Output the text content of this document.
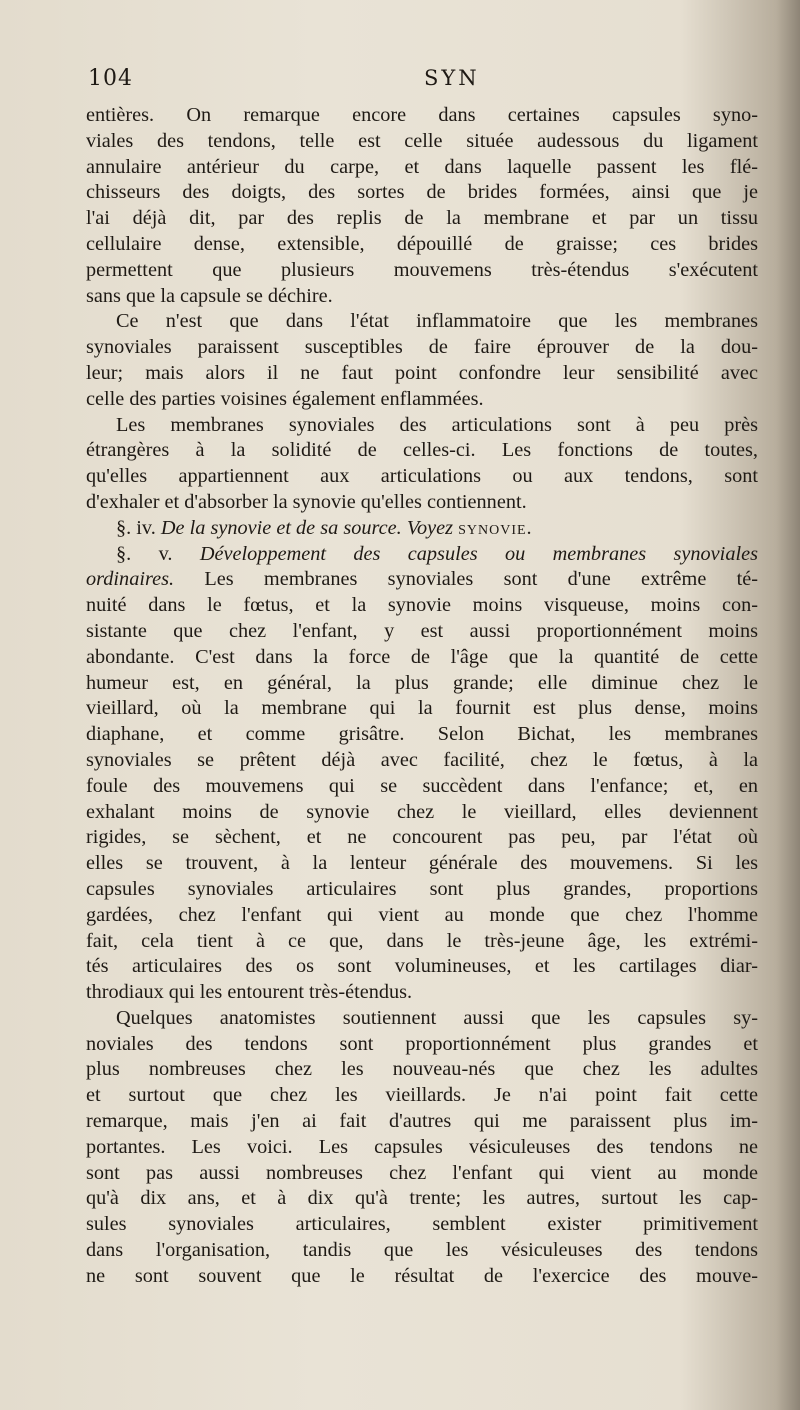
104	SYN

entières. On remarque encore dans certaines capsules syno-
viales des tendons, telle est celle située audessous du ligament
annulaire antérieur du carpe, et dans laquelle passent les flé-
chisseurs des doigts, des sortes de brides formées, ainsi que je
l'ai déjà dit, par des replis de la membrane et par un tissu
cellulaire dense, extensible, dépouillé de graisse; ces brides
permettent que plusieurs mouvemens très-étendus s'exécutent
sans que la capsule se déchire.

Ce n'est que dans l'état inflammatoire que les membranes
synoviales paraissent susceptibles de faire éprouver de la dou-
leur; mais alors il ne faut point confondre leur sensibilité avec
celle des parties voisines également enflammées.

Les membranes synoviales des articulations sont à peu près
étrangères à la solidité de celles-ci. Les fonctions de toutes,
qu'elles appartiennent aux articulations ou aux tendons, sont
d'exhaler et d'absorber la synovie qu'elles contiennent.

§. iv. De la synovie et de sa source. Voyez synovie.

§. v. Développement des capsules ou membranes synoviales
ordinaires. Les membranes synoviales sont d'une extrême té-
nuité dans le fœtus, et la synovie moins visqueuse, moins con-
sistante que chez l'enfant, y est aussi proportionnément moins
abondante. C'est dans la force de l'âge que la quantité de cette
humeur est, en général, la plus grande; elle diminue chez le
vieillard, où la membrane qui la fournit est plus dense, moins
diaphane, et comme grisâtre. Selon Bichat, les membranes
synoviales se prêtent déjà avec facilité, chez le fœtus, à la
foule des mouvemens qui se succèdent dans l'enfance; et, en
exhalant moins de synovie chez le vieillard, elles deviennent
rigides, se sèchent, et ne concourent pas peu, par l'état où
elles se trouvent, à la lenteur générale des mouvemens. Si les
capsules synoviales articulaires sont plus grandes, proportions
gardées, chez l'enfant qui vient au monde que chez l'homme
fait, cela tient à ce que, dans le très-jeune âge, les extrémi-
tés articulaires des os sont volumineuses, et les cartilages diar-
throdiaux qui les entourent très-étendus.

Quelques anatomistes soutiennent aussi que les capsules sy-
noviales des tendons sont proportionnément plus grandes et
plus nombreuses chez les nouveau-nés que chez les adultes
et surtout que chez les vieillards. Je n'ai point fait cette
remarque, mais j'en ai fait d'autres qui me paraissent plus im-
portantes. Les voici. Les capsules vésiculeuses des tendons ne
sont pas aussi nombreuses chez l'enfant qui vient au monde
qu'à dix ans, et à dix qu'à trente; les autres, surtout les cap-
sules synoviales articulaires, semblent exister primitivement
dans l'organisation, tandis que les vésiculeuses des tendons
ne sont souvent que le résultat de l'exercice des mouve-
